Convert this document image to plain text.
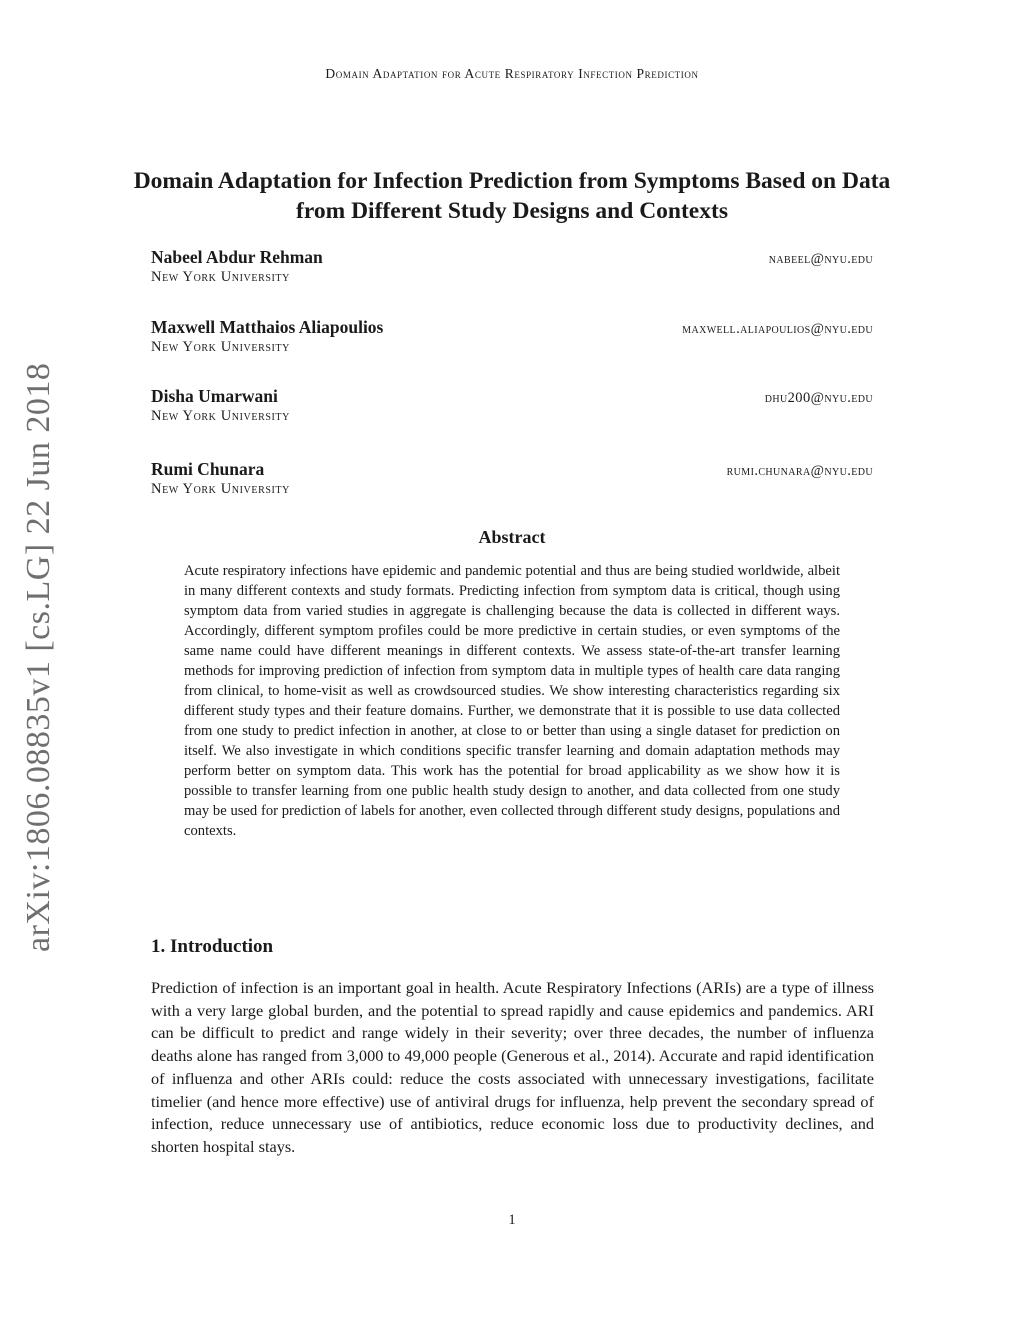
Domain Adaptation for Acute Respiratory Infection Prediction
arXiv:1806.08835v1 [cs.LG] 22 Jun 2018
Domain Adaptation for Infection Prediction from Symptoms Based on Data from Different Study Designs and Contexts
Nabeel Abdur Rehman	nabeel@nyu.edu
New York University
Maxwell Matthaios Aliapoulios	maxwell.aliapoulios@nyu.edu
New York University
Disha Umarwani	dhu200@nyu.edu
New York University
Rumi Chunara	rumi.chunara@nyu.edu
New York University
Abstract
Acute respiratory infections have epidemic and pandemic potential and thus are being studied worldwide, albeit in many different contexts and study formats. Predicting infection from symptom data is critical, though using symptom data from varied studies in aggregate is challenging because the data is collected in different ways. Accordingly, different symptom profiles could be more predictive in certain studies, or even symptoms of the same name could have different meanings in different contexts. We assess state-of-the-art transfer learning methods for improving prediction of infection from symptom data in multiple types of health care data ranging from clinical, to home-visit as well as crowdsourced studies. We show interesting characteristics regarding six different study types and their feature domains. Further, we demonstrate that it is possible to use data collected from one study to predict infection in another, at close to or better than using a single dataset for prediction on itself. We also investigate in which conditions specific transfer learning and domain adaptation methods may perform better on symptom data. This work has the potential for broad applicability as we show how it is possible to transfer learning from one public health study design to another, and data collected from one study may be used for prediction of labels for another, even collected through different study designs, populations and contexts.
1. Introduction
Prediction of infection is an important goal in health. Acute Respiratory Infections (ARIs) are a type of illness with a very large global burden, and the potential to spread rapidly and cause epidemics and pandemics. ARI can be difficult to predict and range widely in their severity; over three decades, the number of influenza deaths alone has ranged from 3,000 to 49,000 people (Generous et al., 2014). Accurate and rapid identification of influenza and other ARIs could: reduce the costs associated with unnecessary investigations, facilitate timelier (and hence more effective) use of antiviral drugs for influenza, help prevent the secondary spread of infection, reduce unnecessary use of antibiotics, reduce economic loss due to productivity declines, and shorten hospital stays.
1
